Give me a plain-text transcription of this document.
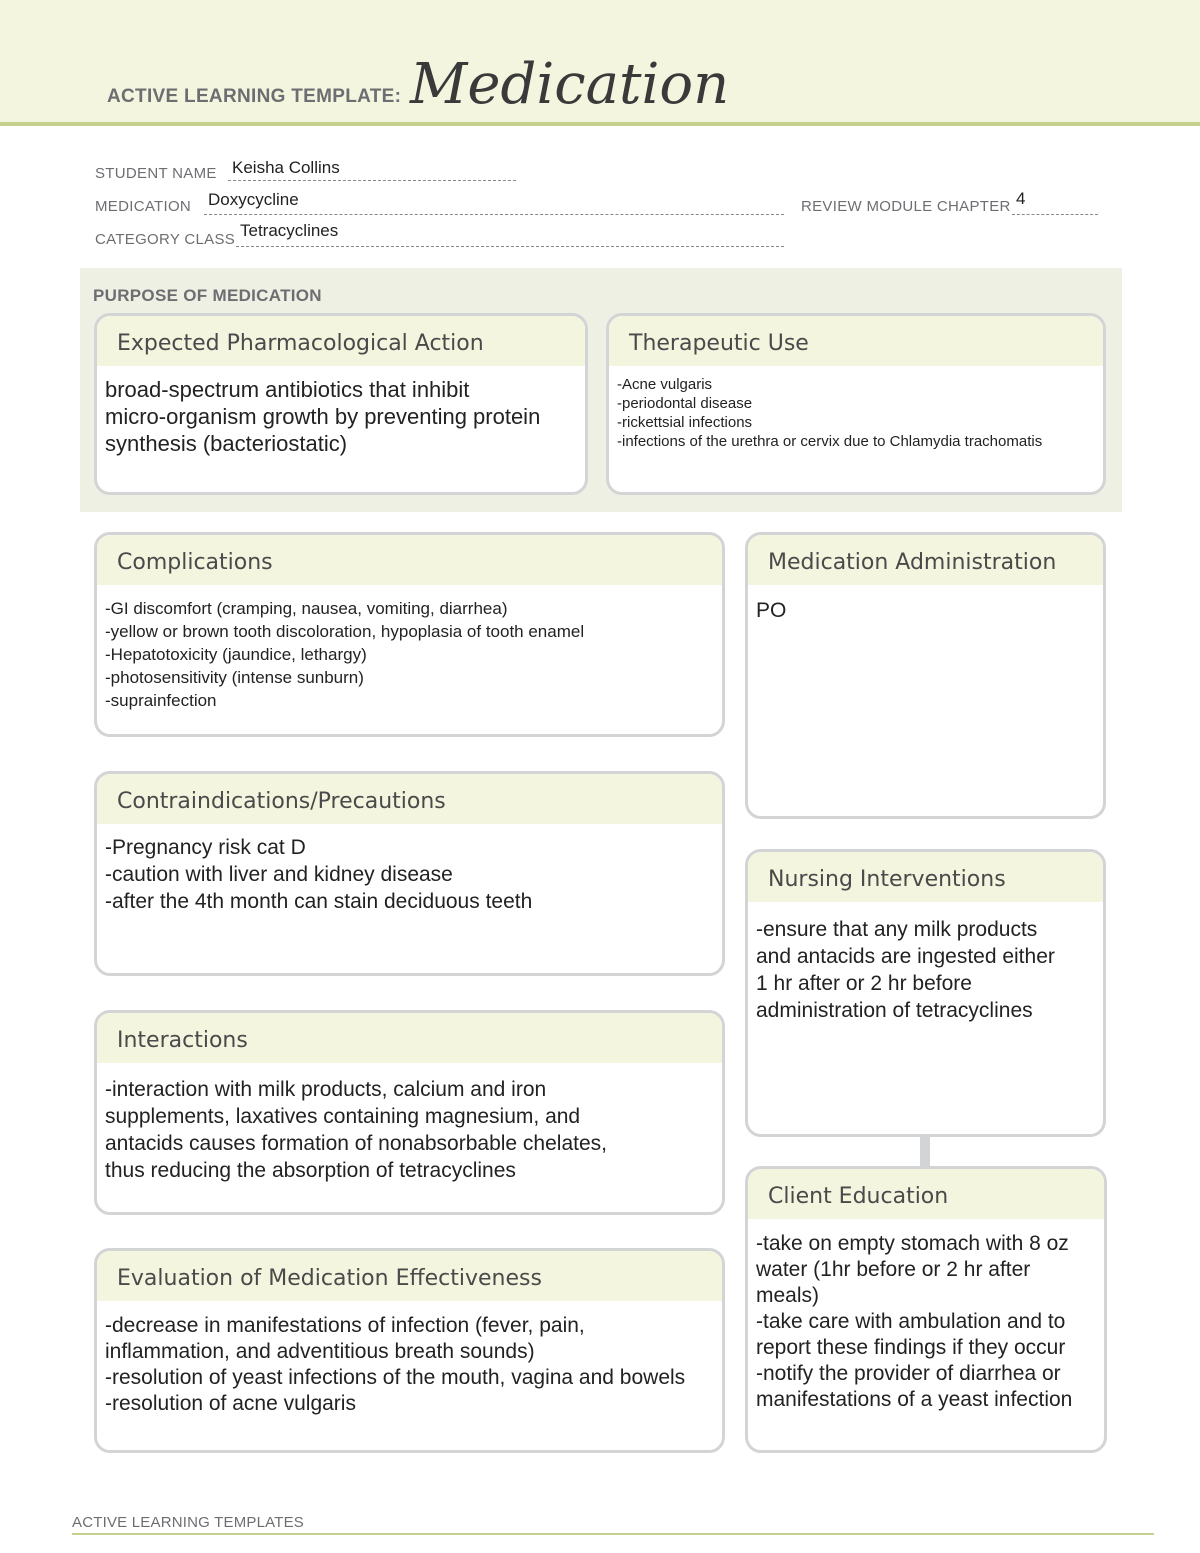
ACTIVE LEARNING TEMPLATE: Medication
STUDENT NAME Keisha Collins
MEDICATION Doxycycline	REVIEW MODULE CHAPTER 4
CATEGORY CLASS Tetracyclines
PURPOSE OF MEDICATION
Expected Pharmacological Action
broad-spectrum antibiotics that inhibit
micro-organism growth by preventing protein
synthesis (bacteriostatic)
Therapeutic Use
-Acne vulgaris
-periodontal disease
-rickettsial infections
-infections of the urethra or cervix due to Chlamydia trachomatis
Complications
-GI discomfort (cramping, nausea, vomiting, diarrhea)
-yellow or brown tooth discoloration, hypoplasia of tooth enamel
-Hepatotoxicity (jaundice, lethargy)
-photosensitivity (intense sunburn)
-suprainfection
Medication Administration
PO
Contraindications/Precautions
-Pregnancy risk cat D
-caution with liver and kidney disease
-after the 4th month can stain deciduous teeth
Nursing Interventions
-ensure that any milk products
and antacids are ingested either
1 hr after or 2 hr before
administration of tetracyclines
Interactions
-interaction with milk products, calcium and iron
supplements, laxatives containing magnesium, and
antacids causes formation of nonabsorbable chelates,
thus reducing the absorption of tetracyclines
Client Education
-take on empty stomach with 8 oz
water (1hr before or 2 hr after
meals)
-take care with ambulation and to
report these findings if they occur
-notify the provider of diarrhea or
manifestations of a yeast infection
Evaluation of Medication Effectiveness
-decrease in manifestations of infection (fever, pain,
inflammation, and adventitious breath sounds)
-resolution of yeast infections of the mouth, vagina and bowels
-resolution of acne vulgaris
ACTIVE LEARNING TEMPLATES
